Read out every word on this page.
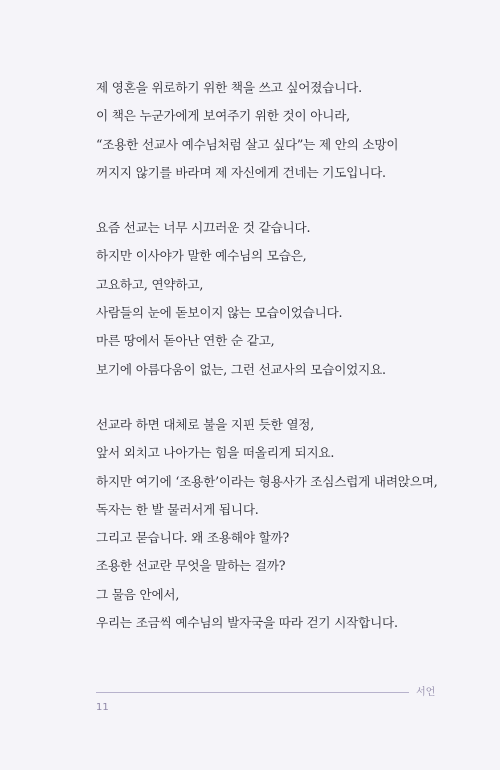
제 영혼을 위로하기 위한 책을 쓰고 싶어졌습니다.
이 책은 누군가에게 보여주기 위한 것이 아니라,
“조용한 선교사 예수님처럼 살고 싶다”는 제 안의 소망이
꺼지지 않기를 바라며 제 자신에게 건네는 기도입니다.

요즘 선교는 너무 시끄러운 것 같습니다.
하지만 이사야가 말한 예수님의 모습은,
고요하고, 연약하고,
사람들의 눈에 돋보이지 않는 모습이었습니다.
마른 땅에서 돋아난 연한 순 같고,
보기에 아름다움이 없는, 그런 선교사의 모습이었지요.

선교라 하면 대체로 불을 지핀 듯한 열정,
앞서 외치고 나아가는 힘을 떠올리게 되지요.
하지만 여기에 ‘조용한’이라는 형용사가 조심스럽게 내려앉으며,
독자는 한 발 물러서게 됩니다.
그리고 묻습니다. 왜 조용해야 할까?
조용한 선교란 무엇을 말하는 걸까?
그 물음 안에서,
우리는 조금씩 예수님의 발자국을 따라 걷기 시작합니다.

서언
11
